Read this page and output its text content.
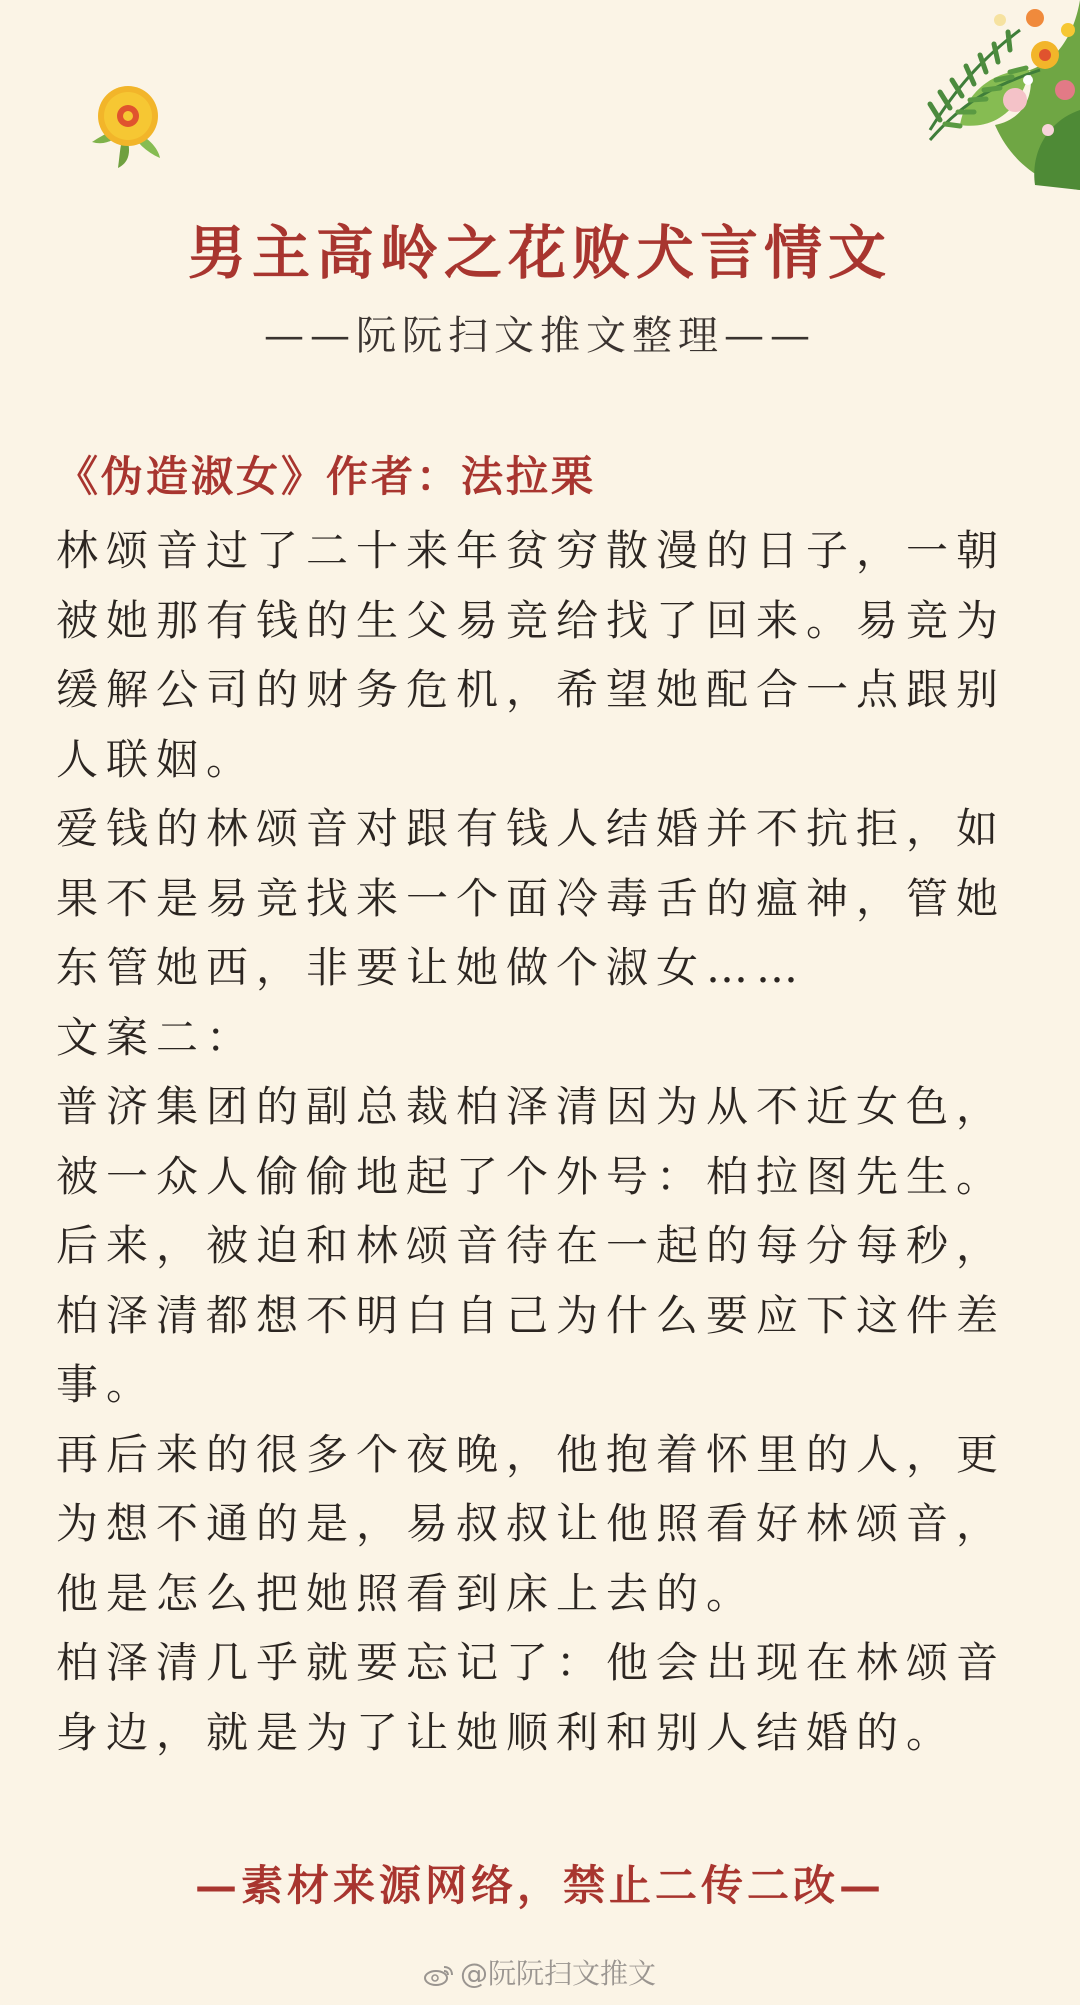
男主高岭之花败犬言情文
——阮阮扫文推文整理——
《伪造淑女》作者：法拉栗

林颂音过了二十来年贫穷散漫的日子，一朝被她那有钱的生父易竞给找了回来。易竞为缓解公司的财务危机，希望她配合一点跟别人联姻。

爱钱的林颂音对跟有钱人结婚并不抗拒，如果不是易竞找来一个面冷毒舌的瘟神，管她东管她西，非要让她做个淑女……

文案二：

普济集团的副总裁柏泽清因为从不近女色，被一众人偷偷地起了个外号：柏拉图先生。

后来，被迫和林颂音待在一起的每分每秒，柏泽清都想不明白自己为什么要应下这件差事。

再后来的很多个夜晚，他抱着怀里的人，更为想不通的是，易叔叔让他照看好林颂音，他是怎么把她照看到床上去的。

柏泽清几乎就要忘记了：他会出现在林颂音身边，就是为了让她顺利和别人结婚的。

—素材来源网络，禁止二传二改—
@阮阮扫文推文
